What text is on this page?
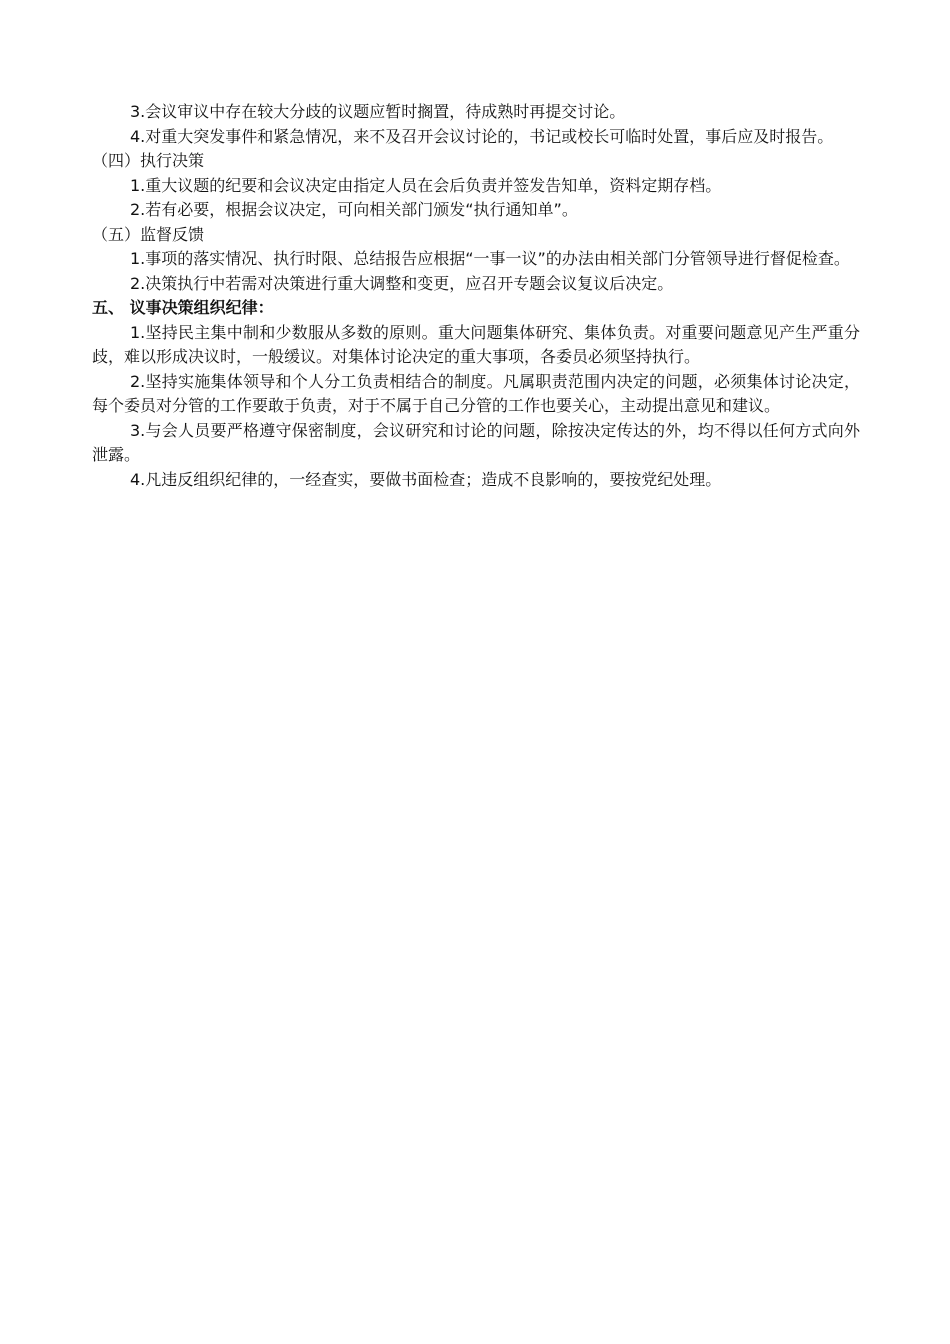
3.会议审议中存在较大分歧的议题应暂时搁置，待成熟时再提交讨论。

4.对重大突发事件和紧急情况，来不及召开会议讨论的，书记或校长可临时处置，事后应及时报告。

（四）执行决策

1.重大议题的纪要和会议决定由指定人员在会后负责并签发告知单，资料定期存档。

2.若有必要，根据会议决定，可向相关部门颁发“执行通知单”。

（五）监督反馈

1.事项的落实情况、执行时限、总结报告应根据“一事一议”的办法由相关部门分管领导进行督促检查。

2.决策执行中若需对决策进行重大调整和变更，应召开专题会议复议后决定。

五、 议事决策组织纪律：

1.坚持民主集中制和少数服从多数的原则。重大问题集体研究、集体负责。对重要问题意见产生严重分歧，难以形成决议时，一般缓议。对集体讨论决定的重大事项，各委员必须坚持执行。

2.坚持实施集体领导和个人分工负责相结合的制度。凡属职责范围内决定的问题，必须集体讨论决定，每个委员对分管的工作要敢于负责，对于不属于自己分管的工作也要关心，主动提出意见和建议。

3.与会人员要严格遵守保密制度，会议研究和讨论的问题，除按决定传达的外，均不得以任何方式向外泄露。

4.凡违反组织纪律的，一经查实，要做书面检查；造成不良影响的，要按党纪处理。
